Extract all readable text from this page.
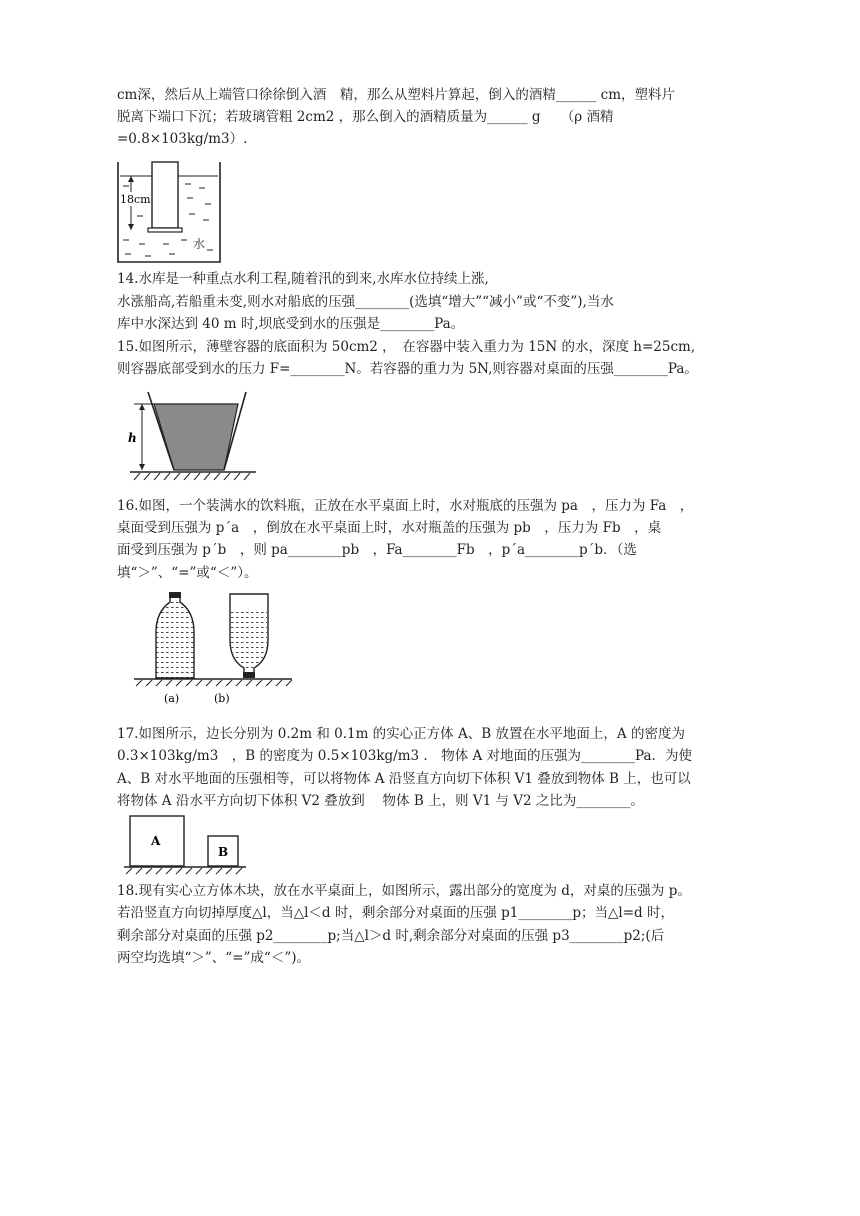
cm深，然后从上端管口徐徐倒入酒　精，那么从塑料片算起，倒入的酒精______ cm，塑料片

脱离下端口下沉；若玻璃管粗 2cm2 ，那么倒入的酒精质量为______ g　　（ρ 酒精

=0.8×103kg/m3）.

18cm
水

14.水库是一种重点水利工程,随着汛的到来,水库水位持续上涨,

水涨船高,若船重未变,则水对船底的压强________(选填“增大”“减小”或“不变”),当水

库中水深达到 40 m 时,坝底受到水的压强是________Pa。

15.如图所示，薄壁容器的底面积为 50cm2 ，　在容器中装入重力为 15N 的水，深度 h=25cm,

则容器底部受到水的压力 F=________N。若容器的重力为 5N,则容器对桌面的压强________Pa。

h

16.如图，一个装满水的饮料瓶，正放在水平桌面上时，水对瓶底的压强为 pa　，压力为 Fa　，

桌面受到压强为 p´a　，倒放在水平桌面上时，水对瓶盖的压强为 pb　，压力为 Fb　，桌

面受到压强为 p´b　，则 pa________pb　，Fa________Fb　，p´a________p´b．（选

填“＞”、“=”或“＜”）。

(a)	(b)

17.如图所示，边长分别为 0.2m 和 0.1m 的实心正方体 A、B 放置在水平地面上，A 的密度为

0.3×103kg/m3　，B 的密度为 0.5×103kg/m3 .　物体 A 对地面的压强为________Pa．为使

A、B 对水平地面的压强相等，可以将物体 A 沿竖直方向切下体积 V1 叠放到物体 B 上，也可以

将物体 A 沿水平方向切下体积 V2 叠放到　 物体 B 上，则 V1 与 V2 之比为________。

A
B

18.现有实心立方体木块，放在水平桌面上，如图所示，露出部分的宽度为 d，对桌的压强为 p。

若沿竖直方向切掉厚度△l，当△l＜d 时，剩余部分对桌面的压强 p1________p；当△l=d 时，

剩余部分对桌面的压强 p2________p;当△l＞d 时,剩余部分对桌面的压强 p3________p2;(后

两空均选填“＞”、“=”成“＜”)。
